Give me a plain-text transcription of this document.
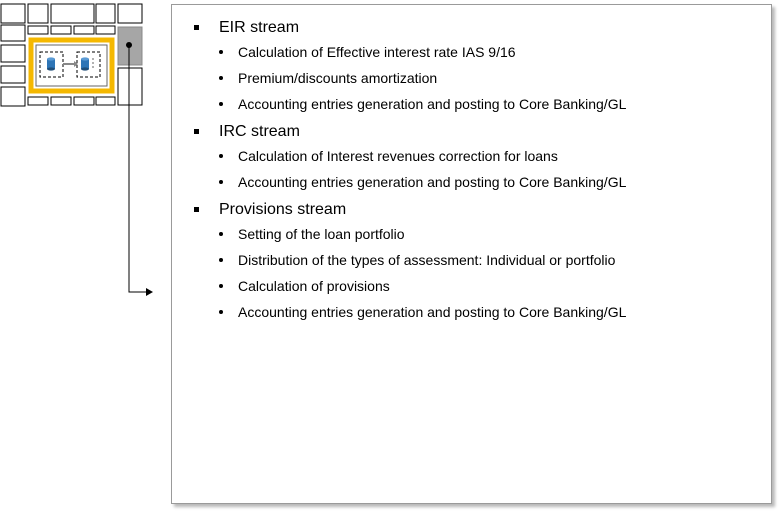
EIR stream
Calculation of Effective interest rate IAS 9/16
Premium/discounts amortization
Accounting entries generation and posting to Core Banking/GL
IRC stream
Calculation of Interest revenues correction for loans
Accounting entries generation and posting to Core Banking/GL
Provisions stream
Setting of the loan portfolio
Distribution of the types of assessment: Individual or portfolio
Calculation of provisions
Accounting entries generation and posting to Core Banking/GL
